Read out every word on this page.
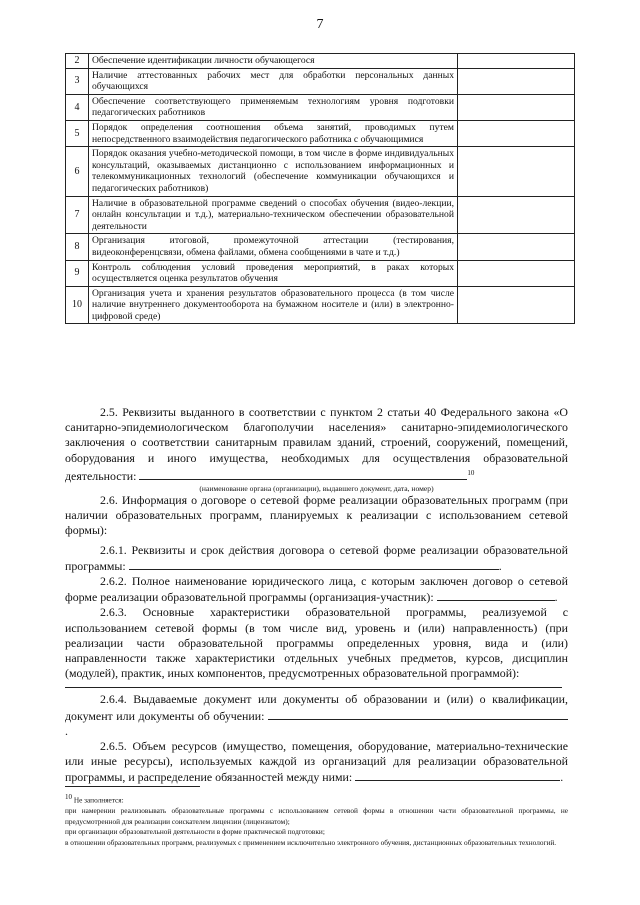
7
2	Обеспечение идентификации личности обучающегося	
3	Наличие аттестованных рабочих мест для обработки персональных данных обучающихся	
4	Обеспечение соответствующего применяемым технологиям уровня подготовки педагогических работников	
5	Порядок определения соотношения объема занятий, проводимых путем непосредственного взаимодействия педагогического работника с обучающимися	
6	Порядок оказания учебно-методической помощи, в том числе в форме индивидуальных консультаций, оказываемых дистанционно с использованием информационных и телекоммуникационных технологий (обеспечение коммуникации обучающихся и педагогических работников)	
7	Наличие в образовательной программе сведений о способах обучения (видео-лекции, онлайн консультации и т.д.), материально-техническом обеспечении образовательной деятельности	
8	Организация итоговой, промежуточной аттестации (тестирования, видеоконференцсвязи, обмена файлами, обмена сообщениями в чате и т.д.)	
9	Контроль соблюдения условий проведения мероприятий, в раках которых осуществляется оценка результатов обучения	
10	Организация учета и хранения результатов образовательного процесса (в том числе наличие внутреннего документооборота на бумажном носителе и (или) в электронно-цифровой среде)	

2.5. Реквизиты выданного в соответствии с пунктом 2 статьи 40 Федерального закона «О санитарно-эпидемиологическом благополучии населения» санитарно-эпидемиологического заключения о соответствии санитарным правилам зданий, строений, сооружений, помещений, оборудования и иного имущества, необходимых для осуществления образовательной деятельности:	$^{10}$

(наименование органа (организации), выдавшего документ, дата, номер)

2.6. Информация о договоре о сетевой форме реализации образовательных программ (при наличии образовательных программ, планируемых к реализации с использованием сетевой формы):

2.6.1. Реквизиты и срок действия договора о сетевой форме реализации образовательной программы:	.

2.6.2. Полное наименование юридического лица, с которым заключен договор о сетевой форме реализации образовательной программы (организация-участник):	.

2.6.3. Основные характеристики образовательной программы, реализуемой с использованием сетевой формы (в том числе вид, уровень и (или) направленность) (при реализации части образовательной программы определенных уровня, вида и (или) направленности также характеристики отдельных учебных предметов, курсов, дисциплин (модулей), практик, иных компонентов, предусмотренных образовательной программой):

2.6.4. Выдаваемые документ или документы об образовании и (или) о квалификации, документ или документы об обучении: .

2.6.5. Объем ресурсов (имущество, помещения, оборудование, материально-технические или иные ресурсы), используемых каждой из организаций для реализации образовательной программы, и распределение обязанностей между ними:	.

$^{10}$ Не заполняется:

при намерении реализовывать образовательные программы с использованием сетевой формы в отношении части образовательной программы, не предусмотренной для реализации соискателем лицензии (лицензиатом);

при организации образовательной деятельности в форме практической подготовки;

в отношении образовательных программ, реализуемых с применением исключительно электронного обучения, дистанционных образовательных технологий.
